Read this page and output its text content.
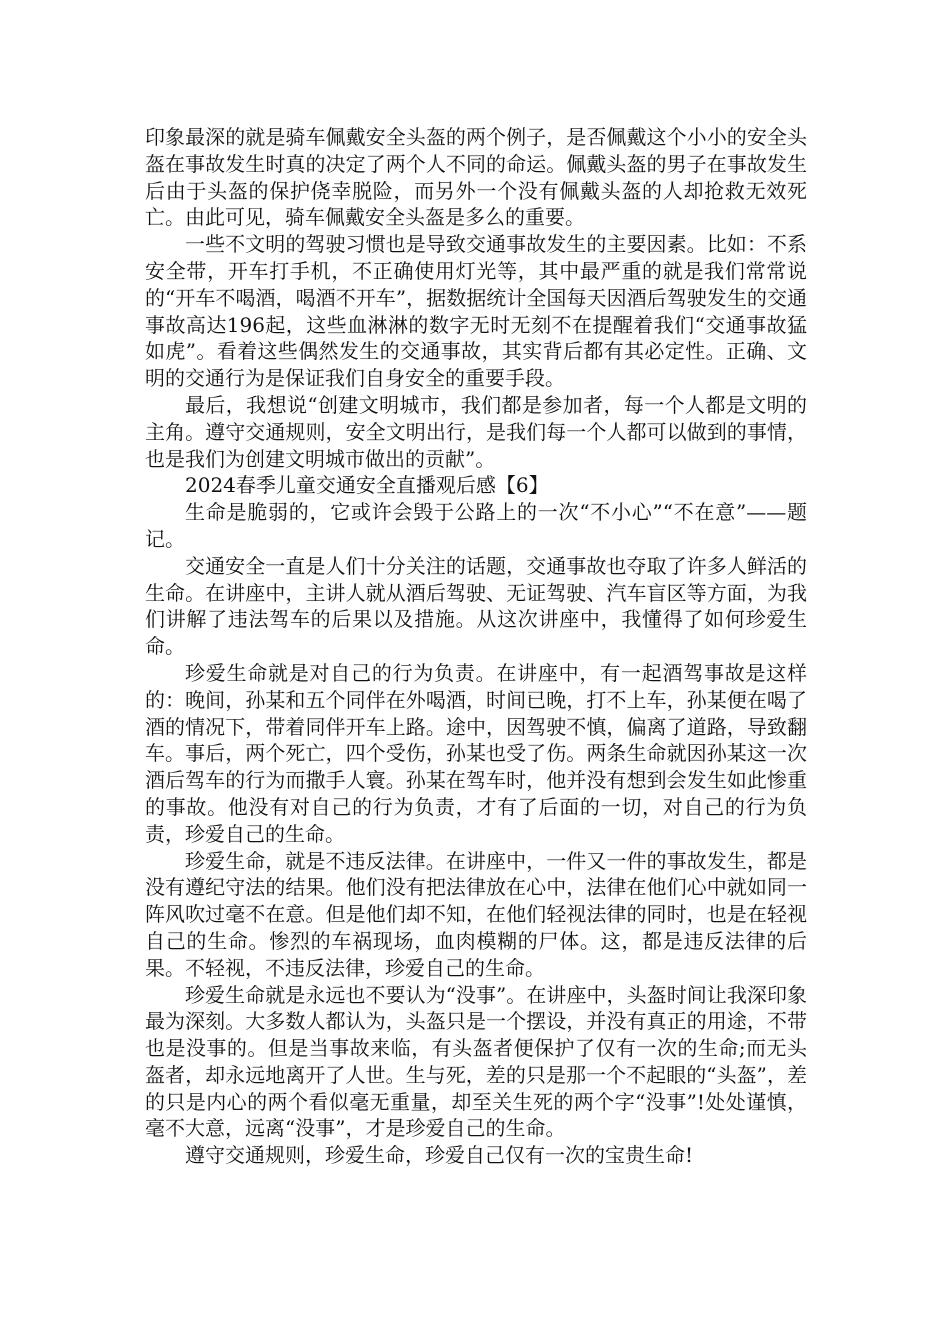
印象最深的就是骑车佩戴安全头盔的两个例子，是否佩戴这个小小的安全头盔在事故发生时真的决定了两个人不同的命运。佩戴头盔的男子在事故发生后由于头盔的保护侥幸脱险，而另外一个没有佩戴头盔的人却抢救无效死亡。由此可见，骑车佩戴安全头盔是多么的重要。

一些不文明的驾驶习惯也是导致交通事故发生的主要因素。比如：不系安全带，开车打手机，不正确使用灯光等，其中最严重的就是我们常常说的“开车不喝酒，喝酒不开车”，据数据统计全国每天因酒后驾驶发生的交通事故高达196起，这些血淋淋的数字无时无刻不在提醒着我们“交通事故猛如虎”。看着这些偶然发生的交通事故，其实背后都有其必定性。正确、文明的交通行为是保证我们自身安全的重要手段。

最后，我想说“创建文明城市，我们都是参加者，每一个人都是文明的主角。遵守交通规则，安全文明出行，是我们每一个人都可以做到的事情，也是我们为创建文明城市做出的贡献”。

2024春季儿童交通安全直播观后感【6】

生命是脆弱的，它或许会毁于公路上的一次“不小心”“不在意”——题记。

交通安全一直是人们十分关注的话题，交通事故也夺取了许多人鲜活的生命。在讲座中，主讲人就从酒后驾驶、无证驾驶、汽车盲区等方面，为我们讲解了违法驾车的后果以及措施。从这次讲座中，我懂得了如何珍爱生命。

珍爱生命就是对自己的行为负责。在讲座中，有一起酒驾事故是这样的：晚间，孙某和五个同伴在外喝酒，时间已晚，打不上车，孙某便在喝了酒的情况下，带着同伴开车上路。途中，因驾驶不慎，偏离了道路，导致翻车。事后，两个死亡，四个受伤，孙某也受了伤。两条生命就因孙某这一次酒后驾车的行为而撒手人寰。孙某在驾车时，他并没有想到会发生如此惨重的事故。他没有对自己的行为负责，才有了后面的一切，对自己的行为负责，珍爱自己的生命。

珍爱生命，就是不违反法律。在讲座中，一件又一件的事故发生，都是没有遵纪守法的结果。他们没有把法律放在心中，法律在他们心中就如同一阵风吹过毫不在意。但是他们却不知，在他们轻视法律的同时，也是在轻视自己的生命。惨烈的车祸现场，血肉模糊的尸体。这，都是违反法律的后果。不轻视，不违反法律，珍爱自己的生命。

珍爱生命就是永远也不要认为“没事”。在讲座中，头盔时间让我深印象最为深刻。大多数人都认为，头盔只是一个摆设，并没有真正的用途，不带也是没事的。但是当事故来临，有头盔者便保护了仅有一次的生命;而无头盔者，却永远地离开了人世。生与死，差的只是那一个不起眼的“头盔”，差的只是内心的两个看似毫无重量，却至关生死的两个字“没事”!处处谨慎，毫不大意，远离“没事”，才是珍爱自己的生命。

遵守交通规则，珍爱生命，珍爱自己仅有一次的宝贵生命!
